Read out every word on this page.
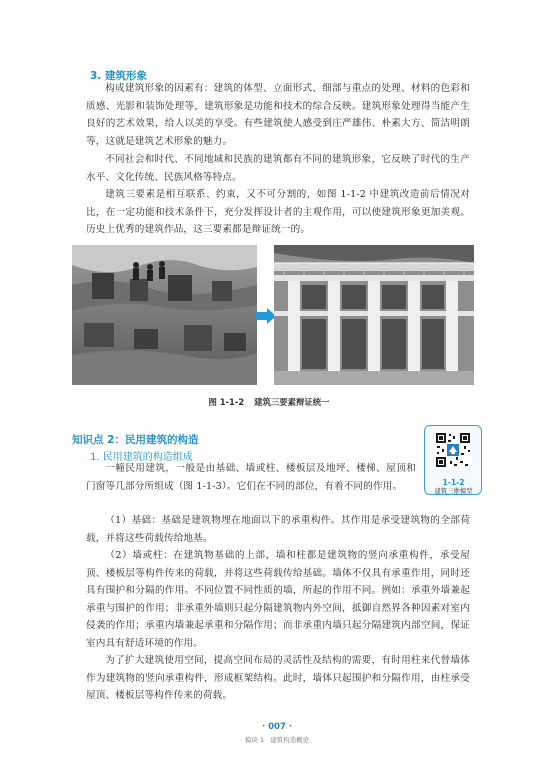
3. 建筑形象

构成建筑形象的因素有：建筑的体型、立面形式、细部与重点的处理、材料的色彩和质感、光影和装饰处理等，建筑形象是功能和技术的综合反映。建筑形象处理得当能产生良好的艺术效果，给人以美的享受。有些建筑使人感受到庄严雄伟、朴素大方、简洁明朗等，这就是建筑艺术形象的魅力。

不同社会和时代、不同地域和民族的建筑都有不同的建筑形象，它反映了时代的生产水平、文化传统、民族风格等特点。

建筑三要素是相互联系、约束，又不可分割的，如图 1-1-2 中建筑改造前后情况对比，在一定功能和技术条件下，充分发挥设计者的主观作用，可以使建筑形象更加美观。历史上优秀的建筑作品，这三要素都是辩证统一的。

图 1-1-2 建筑三要素辩证统一
知识点 2：民用建筑的构造
1. 民用建筑的构造组成

一幢民用建筑，一般是由基础、墙或柱、楼板层及地坪、楼梯、屋顶和门窗等几部分所组成（图 1-1-3）。它们在不同的部位，有着不同的作用。	1-1-2
建筑三维模型

（1）基础：基础是建筑物埋在地面以下的承重构件。其作用是承受建筑物的全部荷载，并将这些荷载传给地基。

（2）墙或柱：在建筑物基础的上部，墙和柱都是建筑物的竖向承重构件，承受屋顶、楼板层等构件传来的荷载，并将这些荷载传给基础。墙体不仅具有承重作用，同时还具有围护和分隔的作用。不同位置不同性质的墙，所起的作用不同。例如：承重外墙兼起承重与围护的作用；非承重外墙则只起分隔建筑物内外空间，抵御自然界各种因素对室内侵袭的作用；承重内墙兼起承重和分隔作用；而非承重内墙只起分隔建筑内部空间，保证室内具有舒适环境的作用。

为了扩大建筑使用空间，提高空间布局的灵活性及结构的需要，有时用柱来代替墙体作为建筑物的竖向承重构件，形成框架结构。此时，墙体只起围护和分隔作用，由柱承受屋顶、楼板层等构件传来的荷载。

· 007 ·
模块 1 建筑构造概论
